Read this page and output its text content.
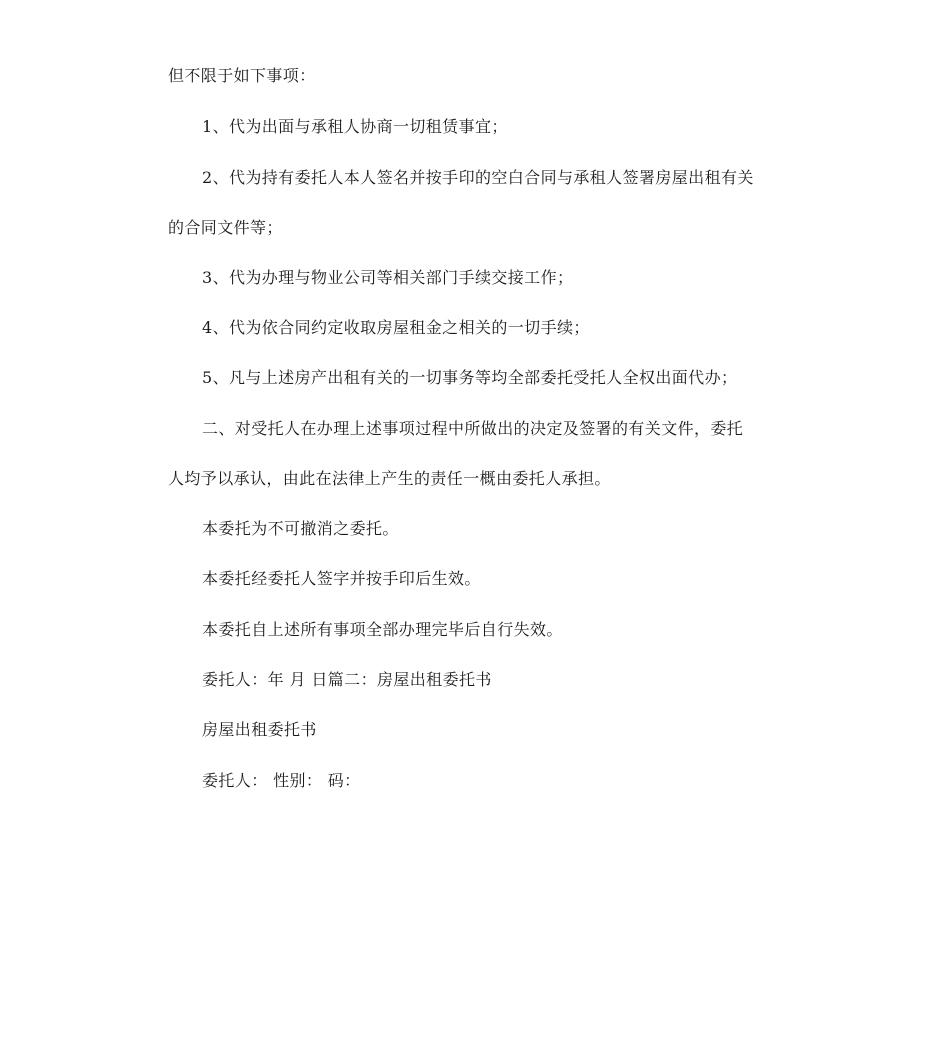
但不限于如下事项：
1、代为出面与承租人协商一切租赁事宜；
2、代为持有委托人本人签名并按手印的空白合同与承租人签署房屋出租有关
的合同文件等；
3、代为办理与物业公司等相关部门手续交接工作；
4、代为依合同约定收取房屋租金之相关的一切手续；
5、凡与上述房产出租有关的一切事务等均全部委托受托人全权出面代办；
二、对受托人在办理上述事项过程中所做出的决定及签署的有关文件，委托
人均予以承认，由此在法律上产生的责任一概由委托人承担。
本委托为不可撤消之委托。
本委托经委托人签字并按手印后生效。
本委托自上述所有事项全部办理完毕后自行失效。
委托人：年 月 日篇二：房屋出租委托书
房屋出租委托书
委托人： 性别： 码：
